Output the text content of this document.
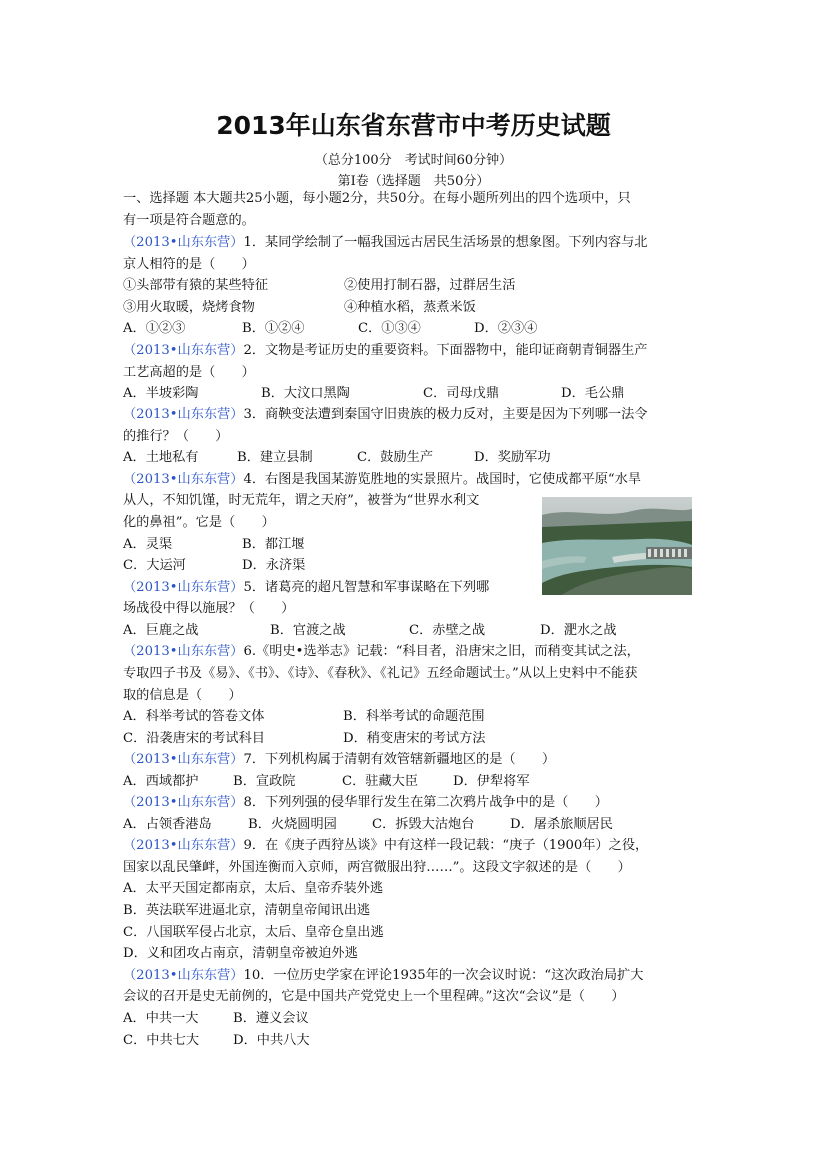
2013年山东省东营市中考历史试题
（总分100分　考试时间60分钟）
第Ⅰ卷（选择题　共50分）
一、选择题 本大题共25小题，每小题2分，共50分。在每小题所列出的四个选项中，只
有一项是符合题意的。
（2013•山东东营）1．某同学绘制了一幅我国远古居民生活场景的想象图。下列内容与北
京人相符的是（　　）
①头部带有猿的某些特征	②使用打制石器，过群居生活
③用火取暖，烧烤食物	④种植水稻，蒸煮米饭
A．①②③	B．①②④	C．①③④	D．②③④
（2013•山东东营）2．文物是考证历史的重要资料。下面器物中，能印证商朝青铜器生产
工艺高超的是（　　）
A．半坡彩陶	B．大汶口黑陶	C．司母戊鼎	D．毛公鼎
（2013•山东东营）3．商鞅变法遭到秦国守旧贵族的极力反对，主要是因为下列哪一法令
的推行？（　　）
A．土地私有	B．建立县制	C．鼓励生产	D．奖励军功
（2013•山东东营）4．右图是我国某游览胜地的实景照片。战国时，它使成都平原“水旱
从人，不知饥馑，时无荒年，谓之天府”，被誉为“世界水利文
化的鼻祖”。它是（　　）
A．灵渠	B．都江堰
C．大运河	D．永济渠
（2013•山东东营）5．诸葛亮的超凡智慧和军事谋略在下列哪
场战役中得以施展？（　　）
A．巨鹿之战	B．官渡之战	C．赤壁之战	D．淝水之战
（2013•山东东营）6.《明史•选举志》记载：“科目者，沿唐宋之旧，而稍变其试之法，
专取四子书及《易》、《书》、《诗》、《春秋》、《礼记》五经命题试士。”从以上史料中不能获
取的信息是（　　）
A．科举考试的答卷文体	B．科举考试的命题范围
C．沿袭唐宋的考试科目	D．稍变唐宋的考试方法
（2013•山东东营）7．下列机构属于清朝有效管辖新疆地区的是（　　）
A．西域都护	B．宣政院	C．驻藏大臣	D．伊犁将军
（2013•山东东营）8．下列列强的侵华罪行发生在第二次鸦片战争中的是（　　）
A．占领香港岛	B．火烧圆明园	C．拆毁大沽炮台	D．屠杀旅顺居民
（2013•山东东营）9．在《庚子西狩丛谈》中有这样一段记载：“庚子（1900年）之役，
国家以乱民肇衅，外国连衡而入京师，两宫微服出狩……”。这段文字叙述的是（　　）
A．太平天国定都南京，太后、皇帝乔装外逃
B．英法联军进逼北京，清朝皇帝闻讯出逃
C．八国联军侵占北京，太后、皇帝仓皇出逃
D．义和团攻占南京，清朝皇帝被迫外逃
（2013•山东东营）10．一位历史学家在评论1935年的一次会议时说：“这次政治局扩大
会议的召开是史无前例的，它是中国共产党党史上一个里程碑。”这次“会议”是（　　）
A．中共一大	B．遵义会议
C．中共七大	D．中共八大
